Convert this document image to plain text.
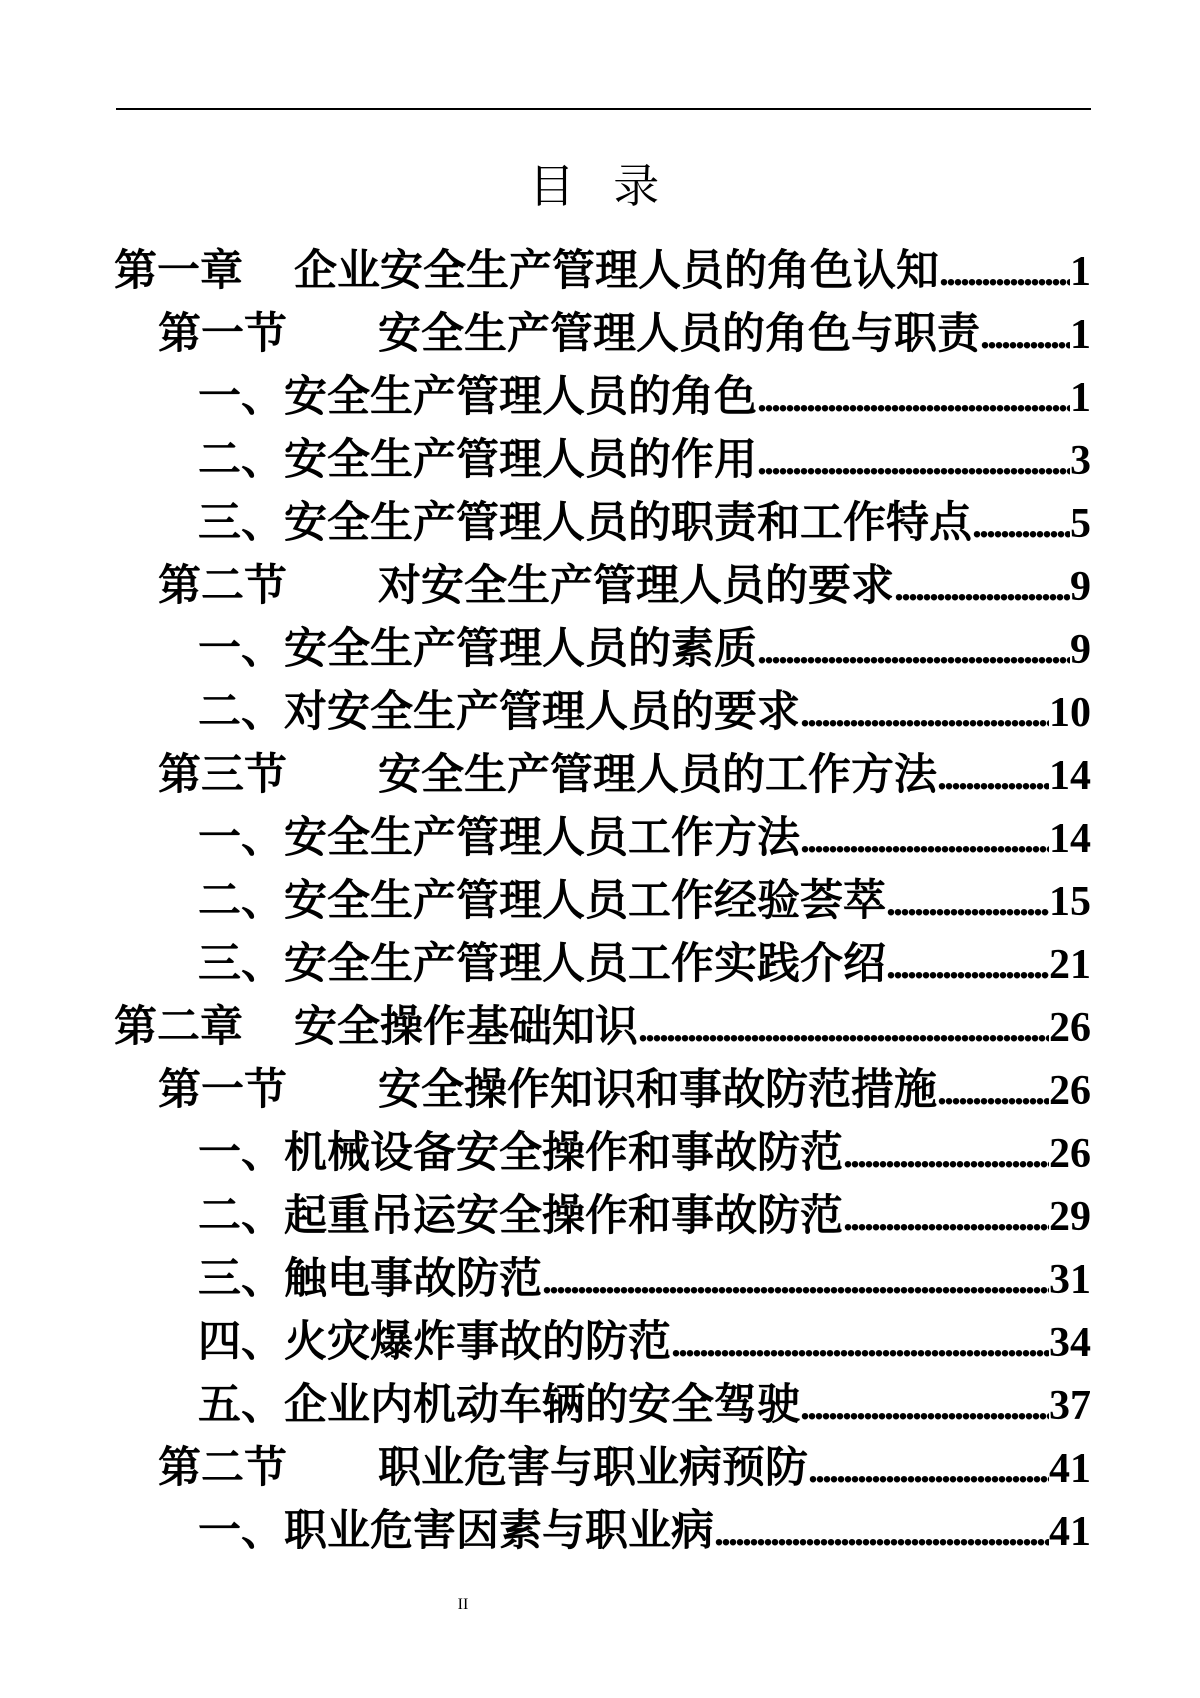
目 录
第一章	企业安全生产管理人员的角色认知 .....	1
第一节	安全生产管理人员的角色与职责 ..... 1
一、安全生产管理人员的角色 .....	1
二、安全生产管理人员的作用 .....	3
三、安全生产管理人员的职责和工作特点 ..... 5
第二节	对安全生产管理人员的要求 .....	9
一、安全生产管理人员的素质 .....	9
二、对安全生产管理人员的要求 .....	10
第三节	安全生产管理人员的工作方法 .....	14
一、安全生产管理人员工作方法 .....	14
二、安全生产管理人员工作经验荟萃 .....	15
三、安全生产管理人员工作实践介绍 .....	21
第二章	安全操作基础知识 .....	26
第一节	安全操作知识和事故防范措施 .....	26
一、机械设备安全操作和事故防范 .....	26
二、起重吊运安全操作和事故防范 .....	29
三、触电事故防范 .....	31
四、火灾爆炸事故的防范 .....	34
五、企业内机动车辆的安全驾驶 .....	37
第二节	职业危害与职业病预防 .....	41
一、职业危害因素与职业病 .....	41
II
